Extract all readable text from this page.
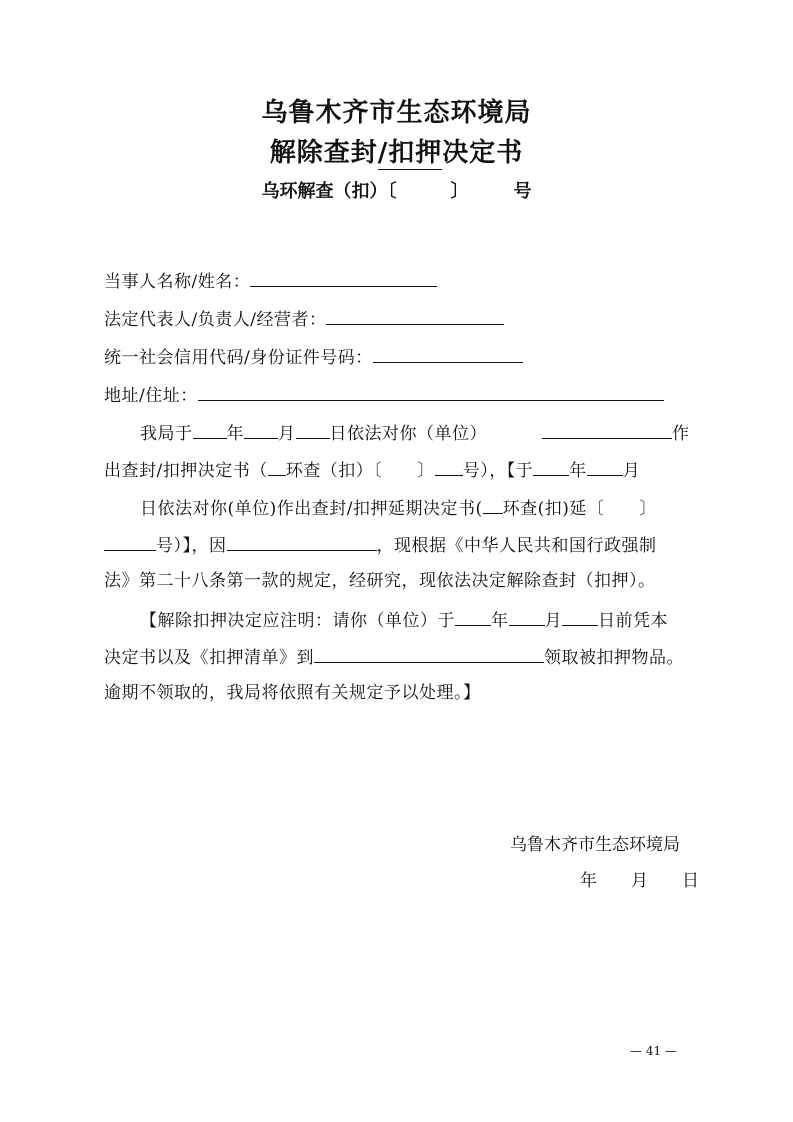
乌鲁木齐市生态环境局
解除查封/扣押决定书
乌环解查（扣）〔　　　〕　　　号
当事人名称/姓名：
法定代表人/负责人/经营者：
统一社会信用代码/身份证件号码：
地址/住址：
我局于 年 月 日依法对你（单位）	作
出查封/扣押决定书（ 环查（扣）〔　　〕 号），【于 年 月
日依法对你(单位)作出查封/扣押延期决定书( 环查(扣)延〔　　〕
号）】，因	，现根据《中华人民共和国行政强制
法》第二十八条第一款的规定，经研究，现依法决定解除查封（扣押）。
【解除扣押决定应注明：请你（单位）于 年 月 日前凭本
决定书以及《扣押清单》到	领取被扣押物品。
逾期不领取的，我局将依照有关规定予以处理。】
乌鲁木齐市生态环境局
年　　月　　日
— 41 —
